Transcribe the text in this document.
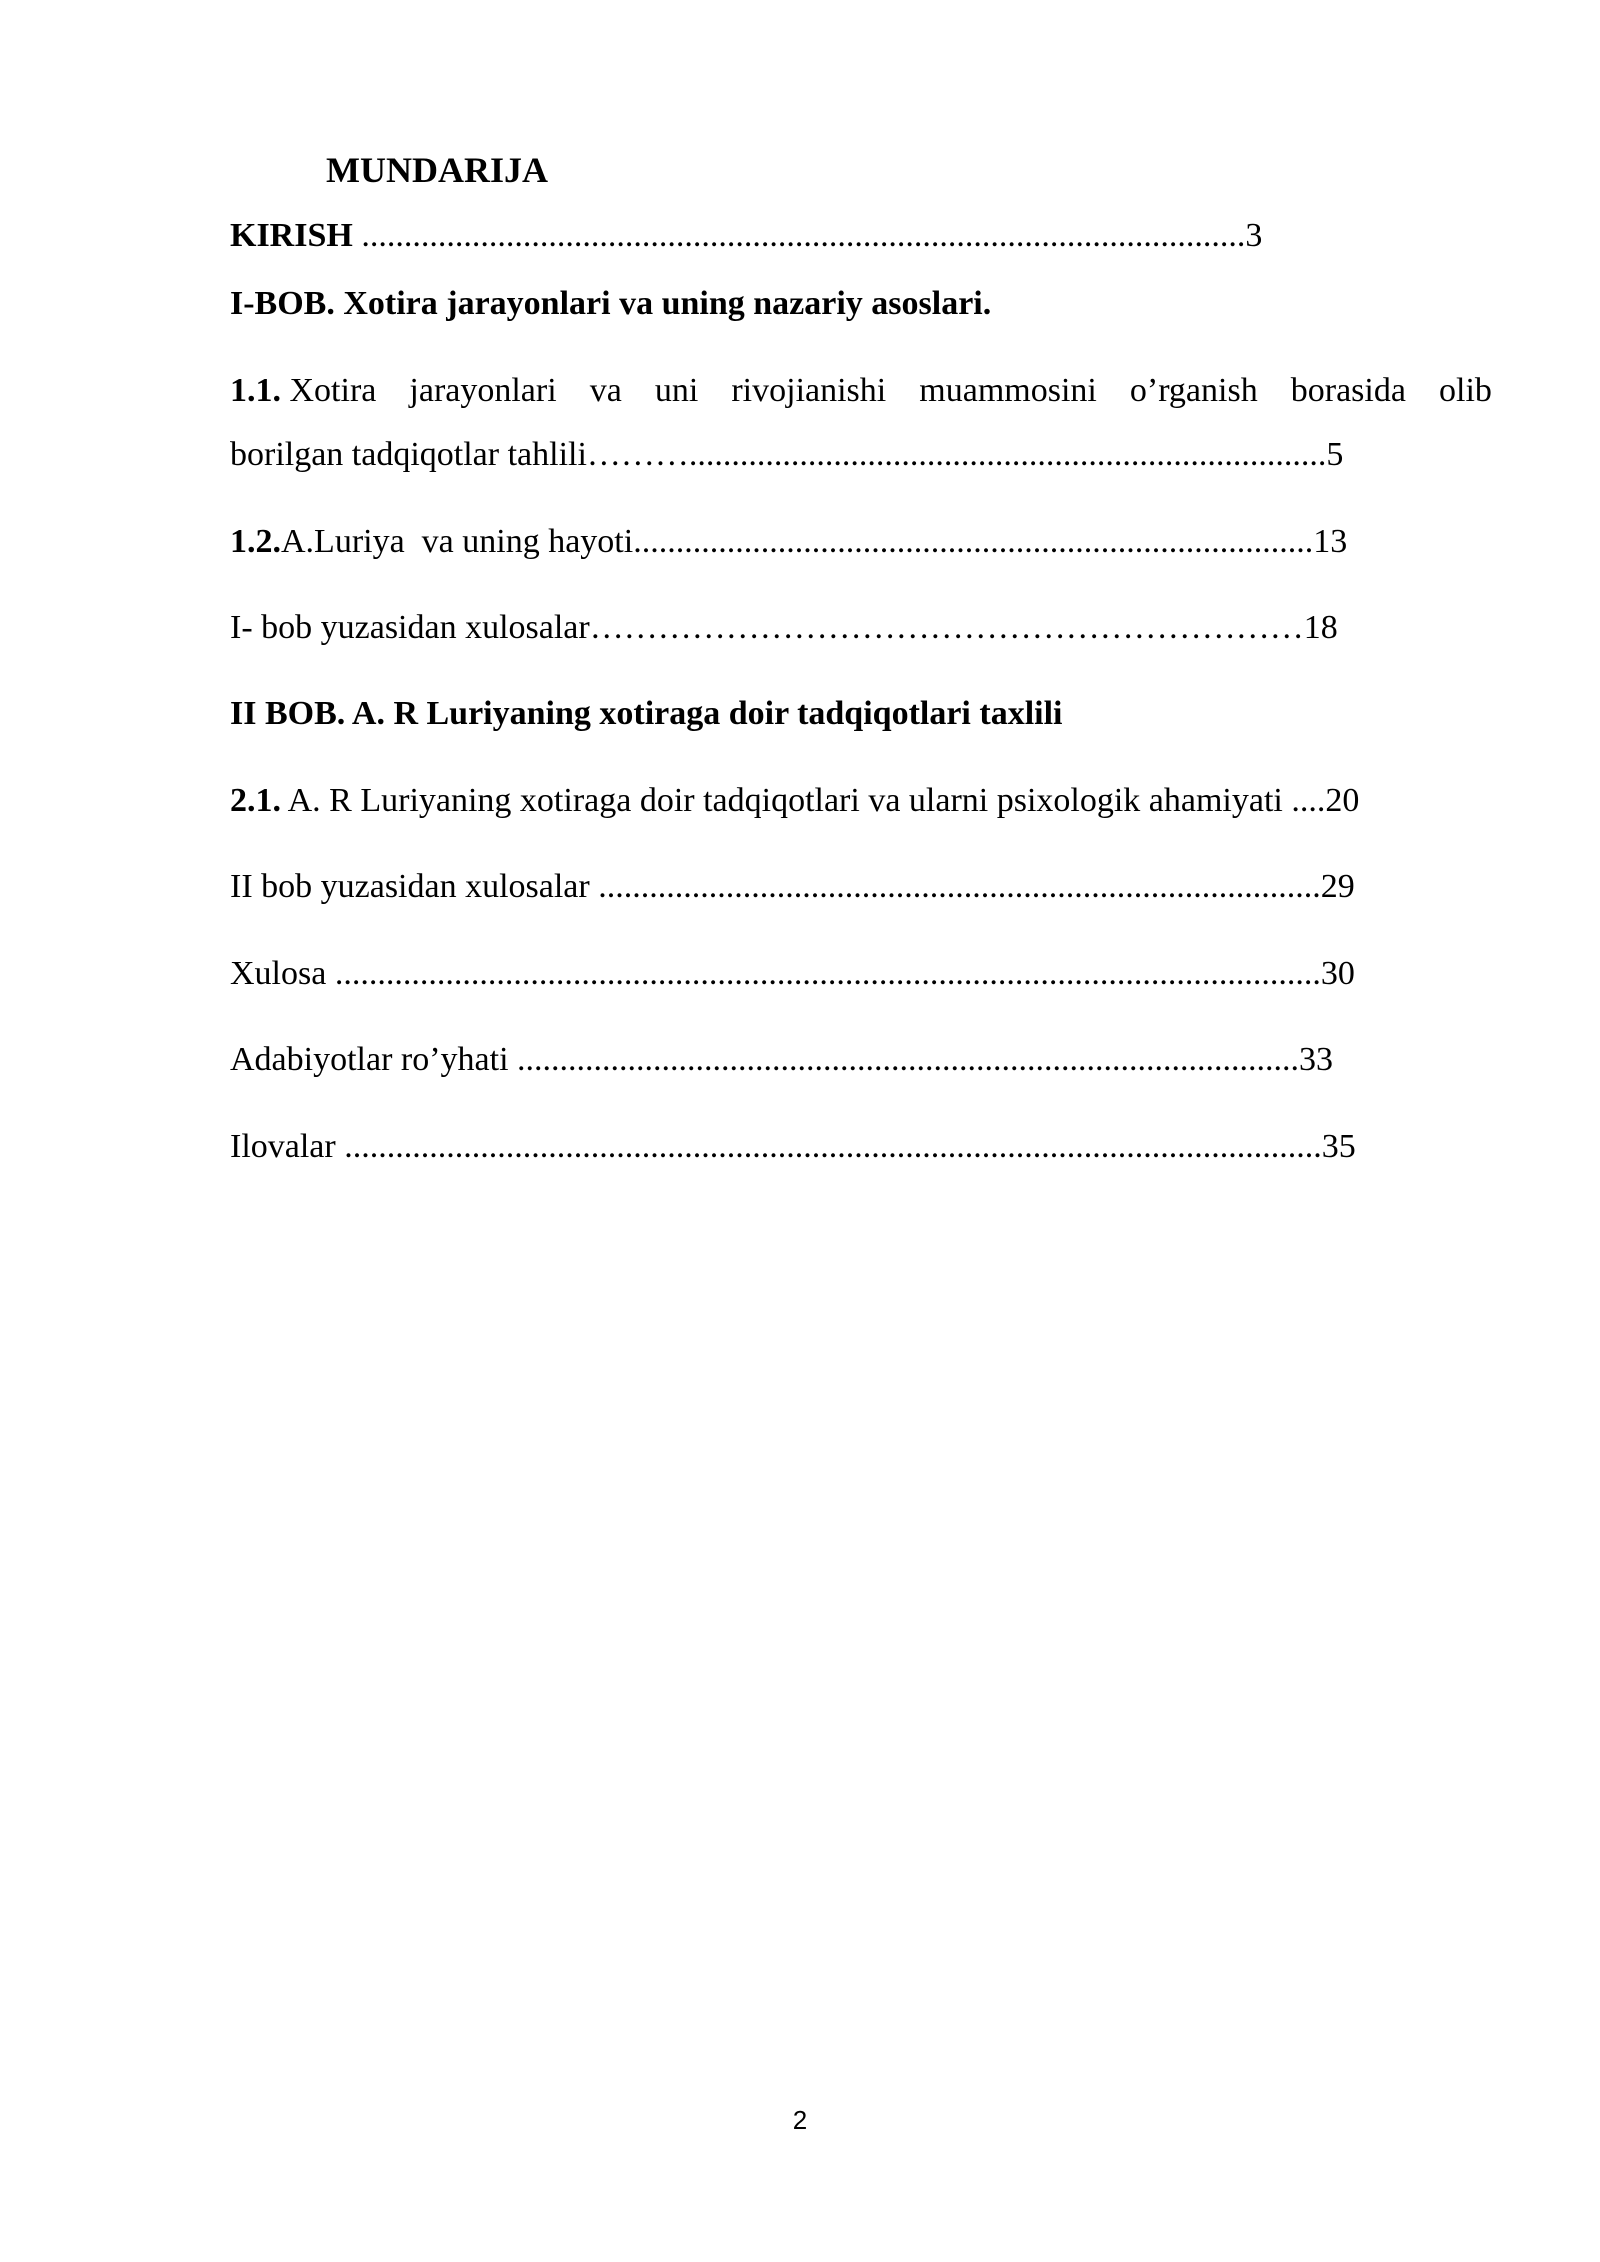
MUNDARIJA
KIRISH ........................................................................................................3
I-BOB. Xotira jarayonlari va uning nazariy asoslari.
1.1. Xotira jarayonlari va uni rivojianishi muammosini o’rganish borasida olib
borilgan tadqiqotlar tahlili………...........................................................................5
1.2.A.Luriya  va uning hayoti................................................................................13
I- bob yuzasidan xulosalar………………………………………………………18
II BOB. A. R Luriyaning xotiraga doir tadqiqotlari taxlili
2.1. A. R Luriyaning xotiraga doir tadqiqotlari va ularni psixologik ahamiyati ....20
II bob yuzasidan xulosalar .....................................................................................29
Xulosa ....................................................................................................................30
Adabiyotlar ro’yhati ............................................................................................33
Ilovalar ...................................................................................................................35
2
